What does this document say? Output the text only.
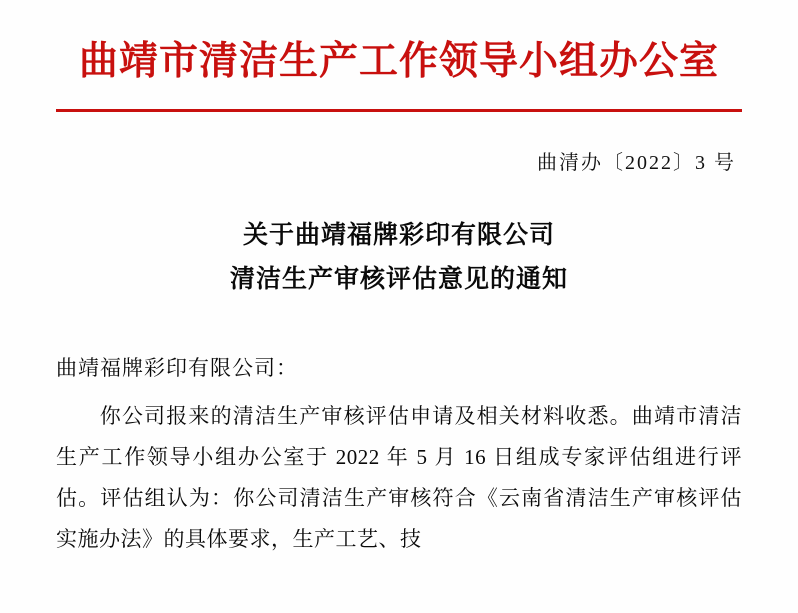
曲靖市清洁生产工作领导小组办公室
曲清办〔2022〕3 号
关于曲靖福牌彩印有限公司
清洁生产审核评估意见的通知
曲靖福牌彩印有限公司：
你公司报来的清洁生产审核评估申请及相关材料收悉。曲靖市清洁生产工作领导小组办公室于 2022 年 5 月 16 日组成专家评估组进行评估。评估组认为：你公司清洁生产审核符合《云南省清洁生产审核评估实施办法》的具体要求，生产工艺、技
